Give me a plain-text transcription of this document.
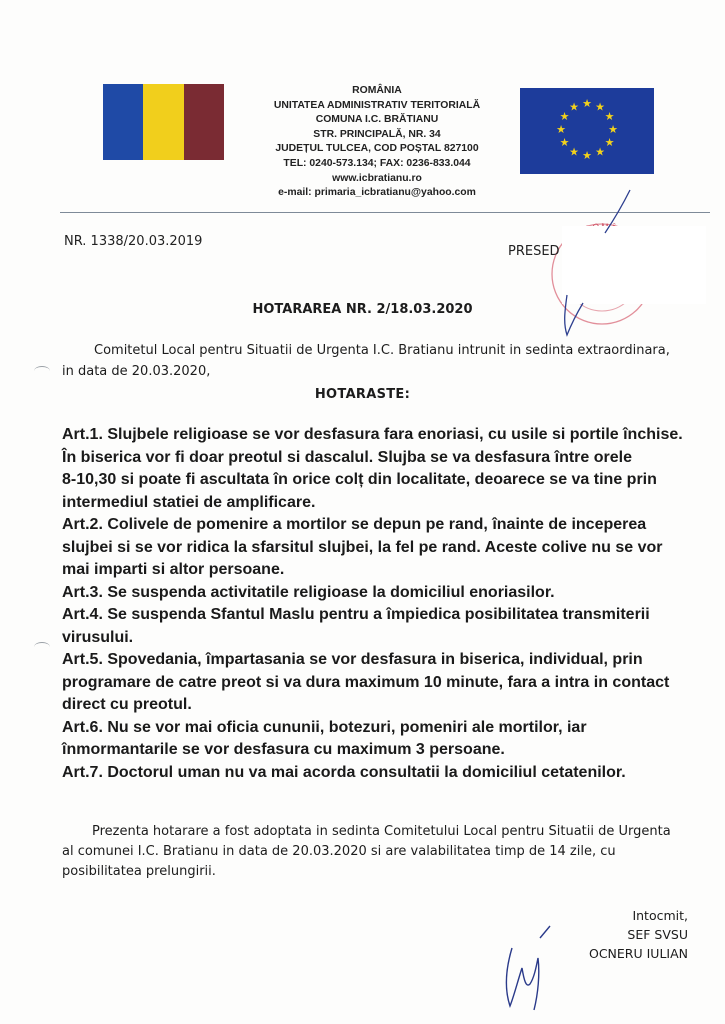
ROMÂNIA
UNITATEA ADMINISTRATIV TERITORIALĂ
COMUNA I.C. BRĂTIANU
STR. PRINCIPALĂ, NR. 34
JUDEȚUL TULCEA, COD POȘTAL 827100
TEL: 0240-573.134; FAX: 0236-833.044
www.icbratianu.ro
e-mail: primaria_icbratianu@yahoo.com
★ ★
★
★
★
★
★
★
★
★
★
★
NR. 1338/20.03.2019
PRESED
HOTARAREA NR. 2/18.03.2020
Comitetul Local pentru Situatii de Urgenta I.C. Bratianu intrunit in sedinta extraordinara,
in data de 20.03.2020,
HOTARASTE:

Art.1. Slujbele religioase se vor desfasura fara enoriasi, cu usile si portile închise.
În biserica vor fi doar preotul si dascalul. Slujba se va desfasura între orele
8-10,30 si poate fi ascultata în orice colț din localitate, deoarece se va tine prin
intermediul statiei de amplificare.

Art.2. Colivele de pomenire a mortilor se depun pe rand, înainte de inceperea
slujbei si se vor ridica la sfarsitul slujbei, la fel pe rand. Aceste colive nu se vor
mai imparti si altor persoane.

Art.3. Se suspenda activitatile religioase la domiciliul enoriasilor.

Art.4. Se suspenda Sfantul Maslu pentru a împiedica posibilitatea transmiterii
virusului.

Art.5. Spovedania, împartasania se vor desfasura in biserica, individual, prin
programare de catre preot si va dura maximum 10 minute, fara a intra in contact
direct cu preotul.

Art.6. Nu se vor mai oficia cununii, botezuri, pomeniri ale mortilor, iar
înmormantarile se vor desfasura cu maximum 3 persoane.

Art.7. Doctorul uman nu va mai acorda consultatii la domiciliul cetatenilor.

Prezenta hotarare a fost adoptata in sedinta Comitetului Local pentru Situatii de Urgenta
al comunei I.C. Bratianu in data de 20.03.2020 si are valabilitatea timp de 14 zile, cu
posibilitatea prelungirii.
Intocmit,
SEF SVSU
OCNERU IULIAN
